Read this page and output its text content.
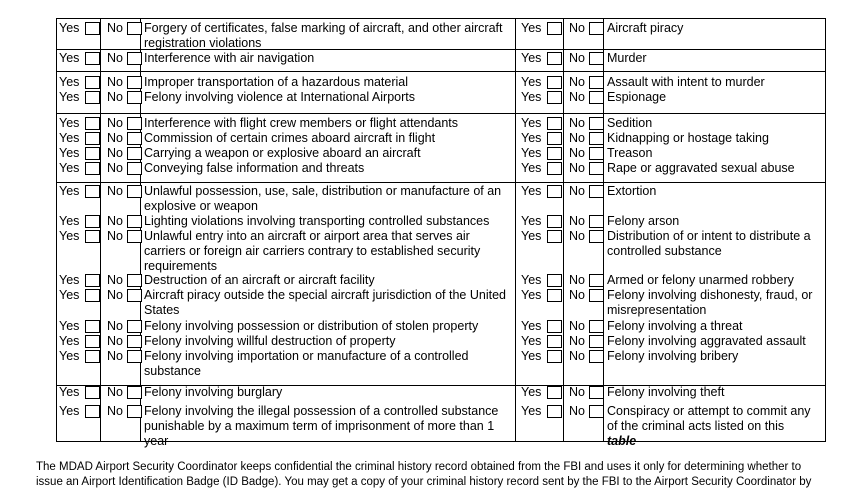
Yes No Forgery of certificates, false marking of aircraft, and other aircraft registration violations
Yes No Interference with air navigation
Yes No Improper transportation of a hazardous material
Yes No Felony involving violence at International Airports
Yes No Interference with flight crew members or flight attendants
Yes No Commission of certain crimes aboard aircraft in flight
Yes No Carrying a weapon or explosive aboard an aircraft
Yes No Conveying false information and threats
Yes No Unlawful possession, use, sale, distribution or manufacture of an explosive or weapon
Yes No Lighting violations involving transporting controlled substances
Yes No Unlawful entry into an aircraft or airport area that serves air carriers or foreign air carriers contrary to established security requirements
Yes No Destruction of an aircraft or aircraft facility
Yes No Aircraft piracy outside the special aircraft jurisdiction of the United States
Yes No Felony involving possession or distribution of stolen property
Yes No Felony involving willful destruction of property
Yes No Felony involving importation or manufacture of a controlled substance
Yes No Felony involving burglary
Yes No Felony involving the illegal possession of a controlled substance punishable by a maximum term of imprisonment of more than 1 year
Yes No Aircraft piracy
Yes No Murder
Yes No Assault with intent to murder
Yes No Espionage
Yes No Sedition
Yes No Kidnapping or hostage taking
Yes No Treason
Yes No Rape or aggravated sexual abuse
Yes No Extortion
Yes No Felony arson
Yes No Distribution of or intent to distribute a controlled substance
Yes No Armed or felony unarmed robbery
Yes No Felony involving dishonesty, fraud, or misrepresentation
Yes No Felony involving a threat
Yes No Felony involving aggravated assault
Yes No Felony involving bribery
Yes No Felony involving theft
Yes No Conspiracy or attempt to commit any of the criminal acts listed on this
table
The MDAD Airport Security Coordinator keeps confidential the criminal history record obtained from the FBI and uses it only for determining whether to issue an Airport Identification Badge (ID Badge). You may get a copy of your criminal history record sent by the FBI to the Airport Security Coordinator by
